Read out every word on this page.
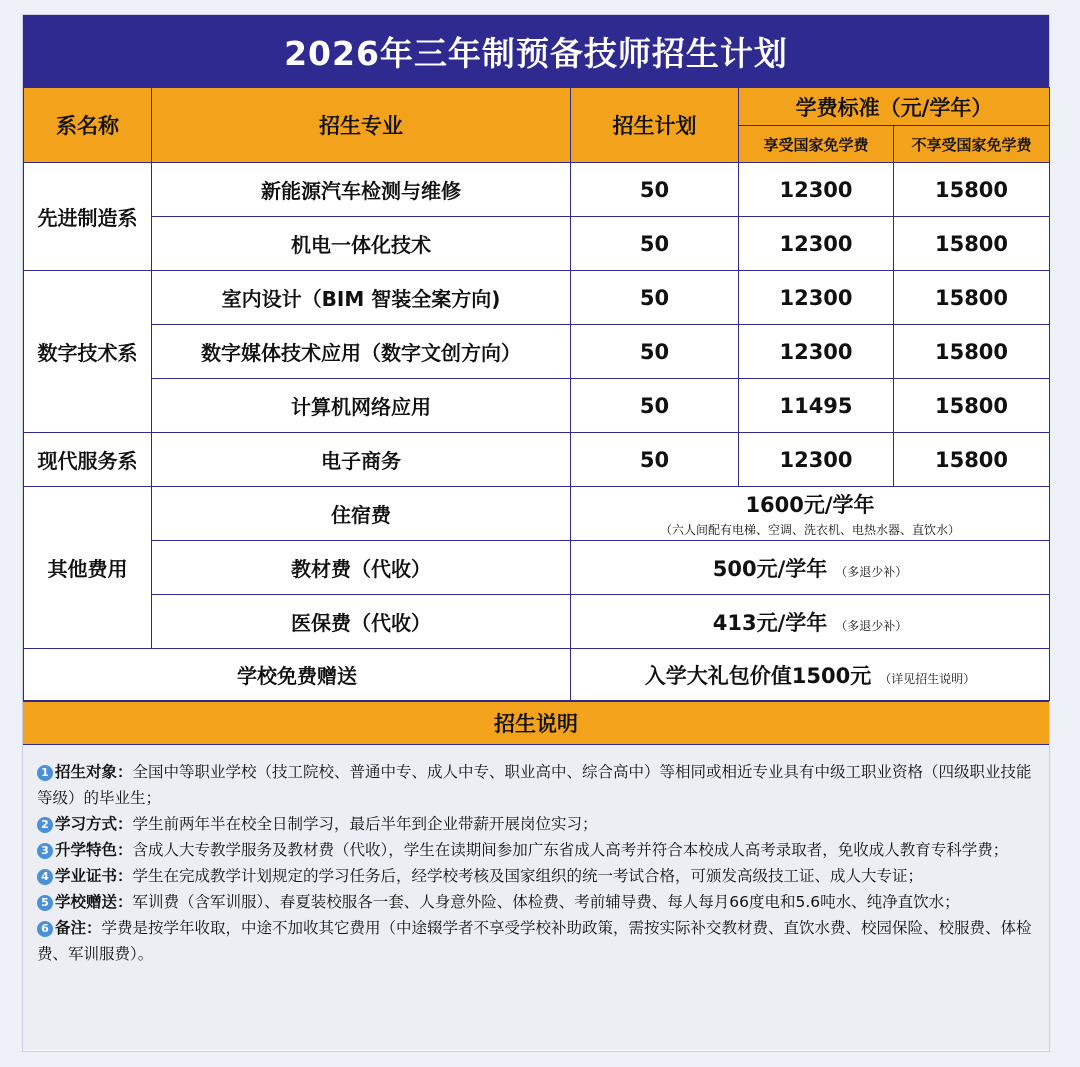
2026年三年制预备技师招生计划
系名称	招生专业	招生计划	学费标准（元/学年）	
			享受国家免学费	不享受国家免学费
先进制造系	新能源汽车检测与维修	50	12300	15800
	机电一体化技术	50	12300	15800
数字技术系	室内设计（BIM 智装全案方向)	50	12300	15800
	数字媒体技术应用（数字文创方向）	50	12300	15800
	计算机网络应用	50	11495	15800
现代服务系	电子商务	50	12300	15800
其他费用	住宿费	1600元/学年
（六人间配有电梯、空调、洗衣机、电热水器、直饮水）		

	教材费（代收）	500元/学年 （多退少补）		
	医保费（代收）	413元/学年 （多退少补）		
学校免费赠送		入学大礼包价值1500元 （详见招生说明）		
招生说明

1 招生对象：全国中等职业学校（技工院校、普通中专、成人中专、职业高中、综合高中）等相同或相近专业具有中级工职业资格（四级职业技能等级）的毕业生；

2 学习方式：学生前两年半在校全日制学习，最后半年到企业带薪开展岗位实习；

3 升学特色：含成人大专教学服务及教材费（代收），学生在读期间参加广东省成人高考并符合本校成人高考录取者，免收成人教育专科学费；

4 学业证书：学生在完成教学计划规定的学习任务后，经学校考核及国家组织的统一考试合格，可颁发高级技工证、成人大专证；

5 学校赠送：军训费（含军训服）、春夏装校服各一套、人身意外险、体检费、考前辅导费、每人每月66度电和5.6吨水、纯净直饮水；

6 备注：学费是按学年收取，中途不加收其它费用（中途辍学者不享受学校补助政策，需按实际补交教材费、直饮水费、校园保险、校服费、体检费、军训服费）。
